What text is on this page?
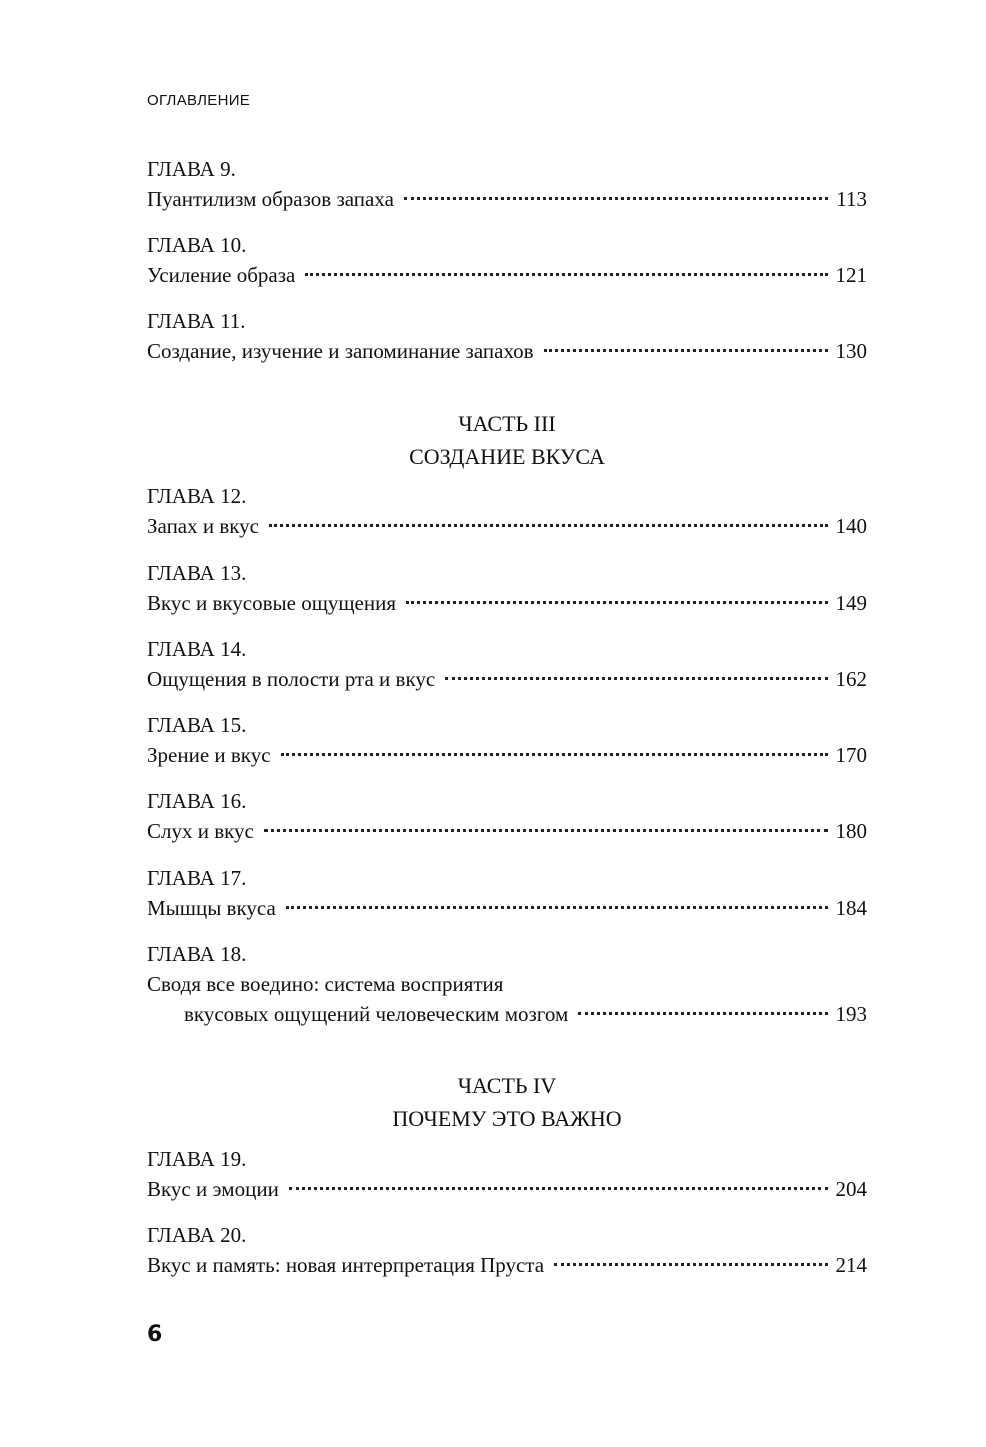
ОГЛАВЛЕНИЕ
ГЛАВА 9.
Пуантилизм образов запаха	113
ГЛАВА 10.
Усиление образа	121
ГЛАВА 11.
Создание, изучение и запоминание запахов	130
ЧАСТЬ III
СОЗДАНИЕ ВКУСА
ГЛАВА 12.
Запах и вкус	140
ГЛАВА 13.
Вкус и вкусовые ощущения	149
ГЛАВА 14.
Ощущения в полости рта и вкус	162
ГЛАВА 15.
Зрение и вкус	170
ГЛАВА 16.
Слух и вкус	180
ГЛАВА 17.
Мышцы вкуса	184
ГЛАВА 18.
Сводя все воедино: система восприятия
вкусовых ощущений человеческим мозгом	193
ЧАСТЬ IV
ПОЧЕМУ ЭТО ВАЖНО
ГЛАВА 19.
Вкус и эмоции	204
ГЛАВА 20.
Вкус и память: новая интерпретация Пруста	214
6
